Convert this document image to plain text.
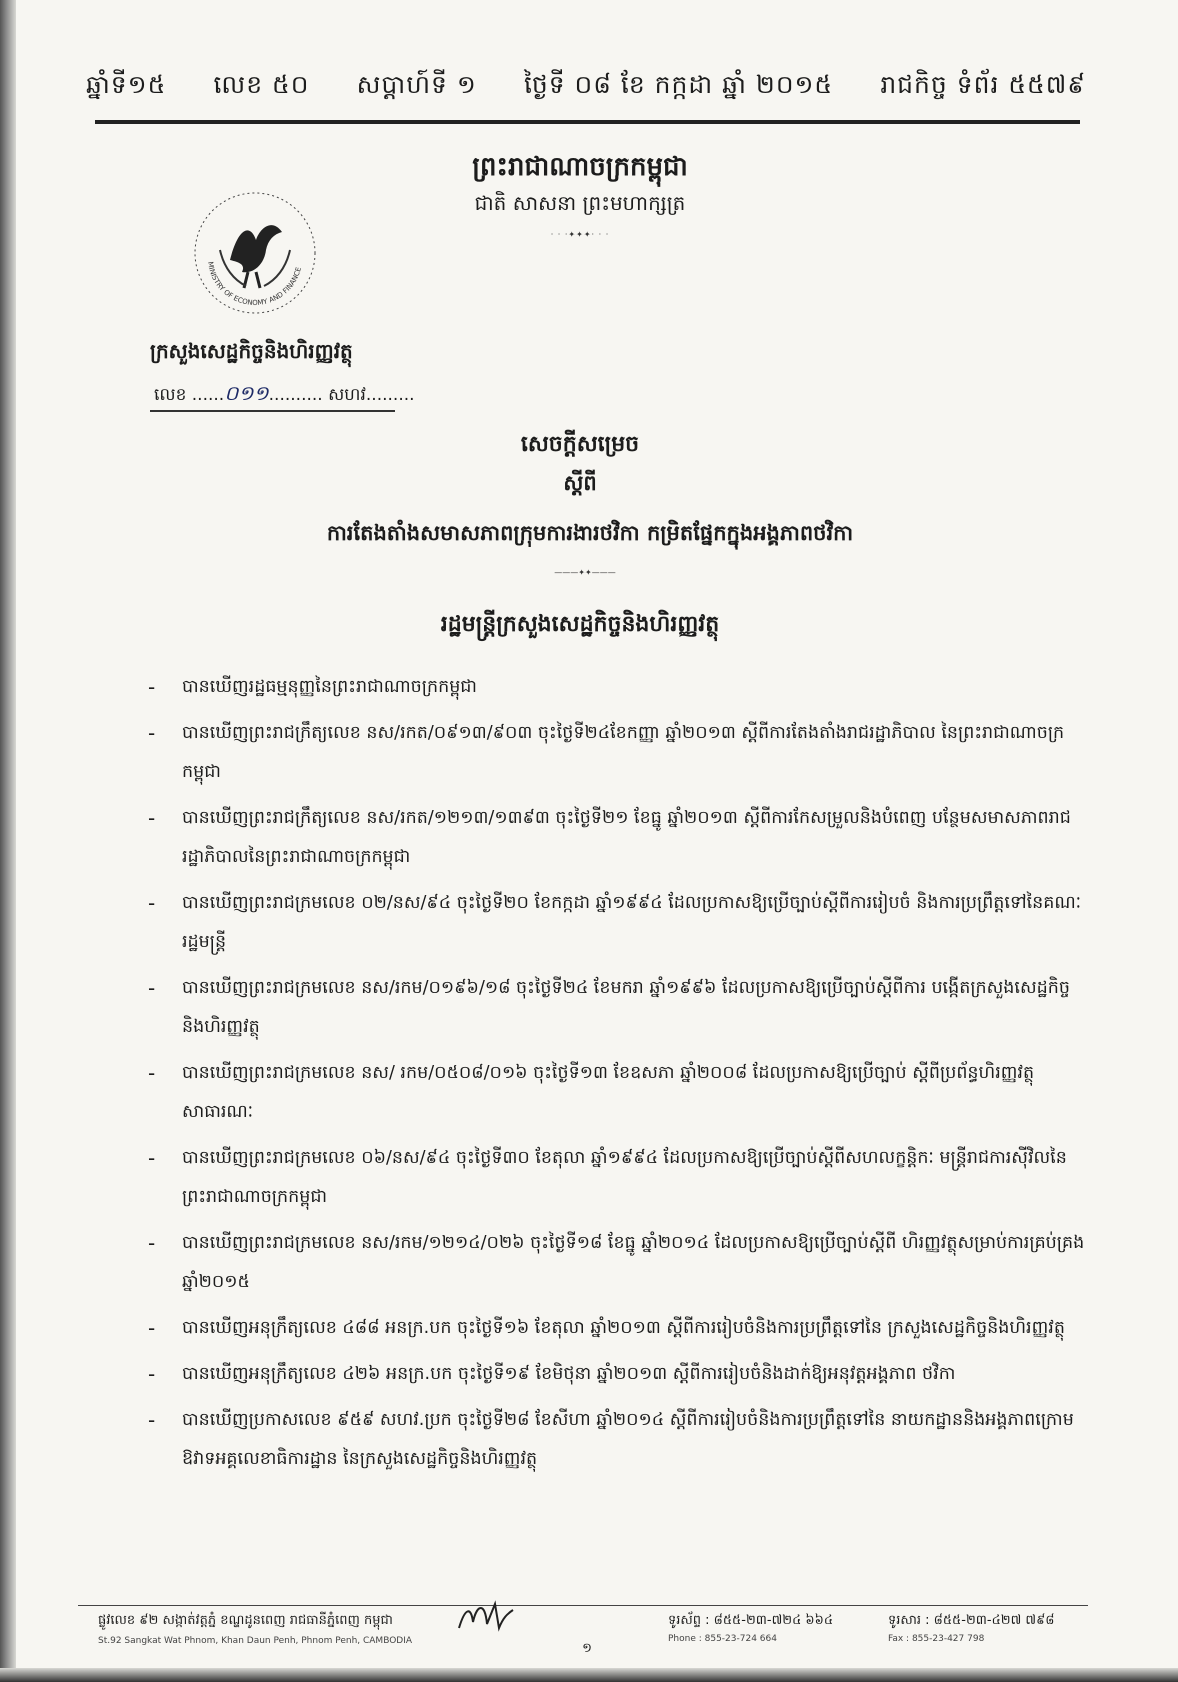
ឆ្នាំទី១៥ លេខ ៥០ សប្តាហ៍ទី ១ ថ្ងៃទី ០៨ ខែ កក្កដា ឆ្នាំ ២០១៥ រាជកិច្ច ទំព័រ ៥៥៧៩
ព្រះរាជាណាចក្រកម្ពុជា
ជាតិ សាសនា ព្រះមហាក្សត្រ
· · ·✦✦✦· · ·
MINISTRY OF ECONOMY AND FINANCE
ក្រសួងសេដ្ឋកិច្ចនិងហិរញ្ញវត្ថុ
លេខ ......០១១.......... សហវ.........
សេចក្តីសម្រេច
ស្តីពី
ការតែងតាំងសមាសភាពក្រុមការងារថវិកា កម្រិតផ្នែកក្នុងអង្គភាពថវិកា
———✦✦———
រដ្ឋមន្ត្រីក្រសួងសេដ្ឋកិច្ចនិងហិរញ្ញវត្ថុ
-	បានឃើញរដ្ឋធម្មនុញ្ញនៃព្រះរាជាណាចក្រកម្ពុជា
-	បានឃើញព្រះរាជក្រឹត្យលេខ នស/រកត/០៩១៣/៩០៣ ចុះថ្ងៃទី២៤ខែកញ្ញា ឆ្នាំ២០១៣ ស្តីពីការតែងតាំងរាជរដ្ឋាភិបាល នៃព្រះរាជាណាចក្រកម្ពុជា
-	បានឃើញព្រះរាជក្រឹត្យលេខ នស/រកត/១២១៣/១៣៩៣ ចុះថ្ងៃទី២១ ខែធ្នូ ឆ្នាំ២០១៣ ស្តីពីការកែសម្រួលនិងបំពេញ បន្ថែមសមាសភាពរាជរដ្ឋាភិបាលនៃព្រះរាជាណាចក្រកម្ពុជា
-	បានឃើញព្រះរាជក្រមលេខ ០២/នស/៩៤ ចុះថ្ងៃទី២០ ខែកក្កដា ឆ្នាំ១៩៩៤ ដែលប្រកាសឱ្យប្រើច្បាប់ស្តីពីការរៀបចំ និងការប្រព្រឹត្តទៅនៃគណៈរដ្ឋមន្ត្រី
-	បានឃើញព្រះរាជក្រមលេខ នស/រកម/០១៩៦/១៨ ចុះថ្ងៃទី២៤ ខែមករា ឆ្នាំ១៩៩៦ ដែលប្រកាសឱ្យប្រើច្បាប់ស្តីពីការ បង្កើតក្រសួងសេដ្ឋកិច្ចនិងហិរញ្ញវត្ថុ
-	បានឃើញព្រះរាជក្រមលេខ នស/ រកម/០៥០៨/០១៦ ចុះថ្ងៃទី១៣ ខែឧសភា ឆ្នាំ២០០៨ ដែលប្រកាសឱ្យប្រើច្បាប់ ស្តីពីប្រព័ន្ធហិរញ្ញវត្ថុសាធារណៈ
-	បានឃើញព្រះរាជក្រមលេខ ០៦/នស/៩៤ ចុះថ្ងៃទី៣០ ខែតុលា ឆ្នាំ១៩៩៤ ដែលប្រកាសឱ្យប្រើច្បាប់ស្តីពីសហលក្ខន្តិកៈ មន្ត្រីរាជការស៊ីវិលនៃព្រះរាជាណាចក្រកម្ពុជា
-	បានឃើញព្រះរាជក្រមលេខ នស/រកម/១២១៤/០២៦ ចុះថ្ងៃទី១៨ ខែធ្នូ ឆ្នាំ២០១៤ ដែលប្រកាសឱ្យប្រើច្បាប់ស្តីពី ហិរញ្ញវត្ថុសម្រាប់ការគ្រប់គ្រងឆ្នាំ២០១៥
-	បានឃើញអនុក្រឹត្យលេខ ៤៨៨ អនក្រ.បក ចុះថ្ងៃទី១៦ ខែតុលា ឆ្នាំ២០១៣ ស្តីពីការរៀបចំនិងការប្រព្រឹត្តទៅនៃ ក្រសួងសេដ្ឋកិច្ចនិងហិរញ្ញវត្ថុ
-	បានឃើញអនុក្រឹត្យលេខ ៤២៦ អនក្រ.បក ចុះថ្ងៃទី១៩ ខែមិថុនា ឆ្នាំ២០១៣ ស្តីពីការរៀបចំនិងដាក់ឱ្យអនុវត្តអង្គភាព ថវិកា
-	បានឃើញប្រកាសលេខ ៩៥៩ សហវ.ប្រក ចុះថ្ងៃទី២៨ ខែសីហា ឆ្នាំ២០១៤ ស្តីពីការរៀបចំនិងការប្រព្រឹត្តទៅនៃ នាយកដ្ឋាននិងអង្គភាពក្រោមឱវាទអគ្គលេខាធិការដ្ឋាន នៃក្រសួងសេដ្ឋកិច្ចនិងហិរញ្ញវត្ថុ
ផ្លូវលេខ ៩២ សង្កាត់វត្តភ្នំ ខណ្ឌដូនពេញ រាជធានីភ្នំពេញ កម្ពុជា
St.92 Sangkat Wat Phnom, Khan Daun Penh, Phnom Penh, CAMBODIA	១
ទូរស័ព្ទ : ៨៥៥-២៣-៧២៤ ៦៦៤
Phone : 855-23-724 664
ទូរសារ : ៨៥៥-២៣-៤២៧ ៧៩៨
Fax : 855-23-427 798
